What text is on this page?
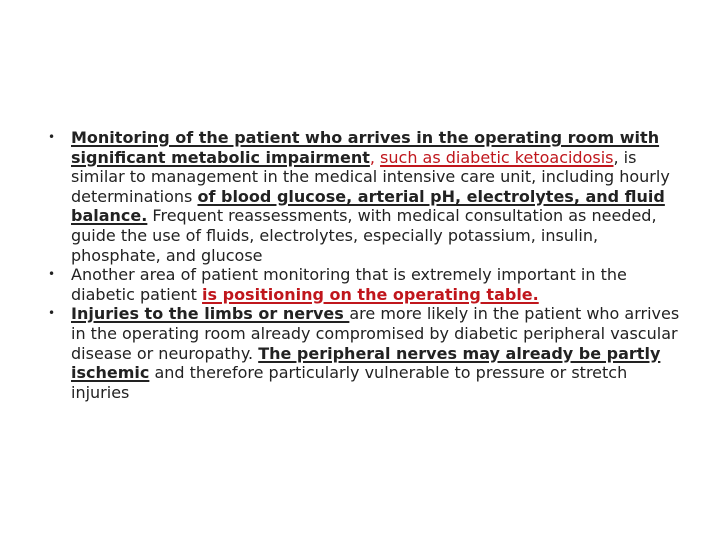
• Monitoring of the patient who arrives in the operating room with significant metabolic impairment, such as diabetic ketoacidosis, is similar to management in the medical intensive care unit, including hourly determinations of blood glucose, arterial pH, electrolytes, and fluid balance. Frequent reassessments, with medical consultation as needed, guide the use of fluids, electrolytes, especially potassium, insulin, phosphate, and glucose
• Another area of patient monitoring that is extremely important in the diabetic patient is positioning on the operating table.
• Injuries to the limbs or nerves are more likely in the patient who arrives in the operating room already compromised by diabetic peripheral vascular disease or neuropathy. The peripheral nerves may already be partly ischemic and therefore particularly vulnerable to pressure or stretch injuries
